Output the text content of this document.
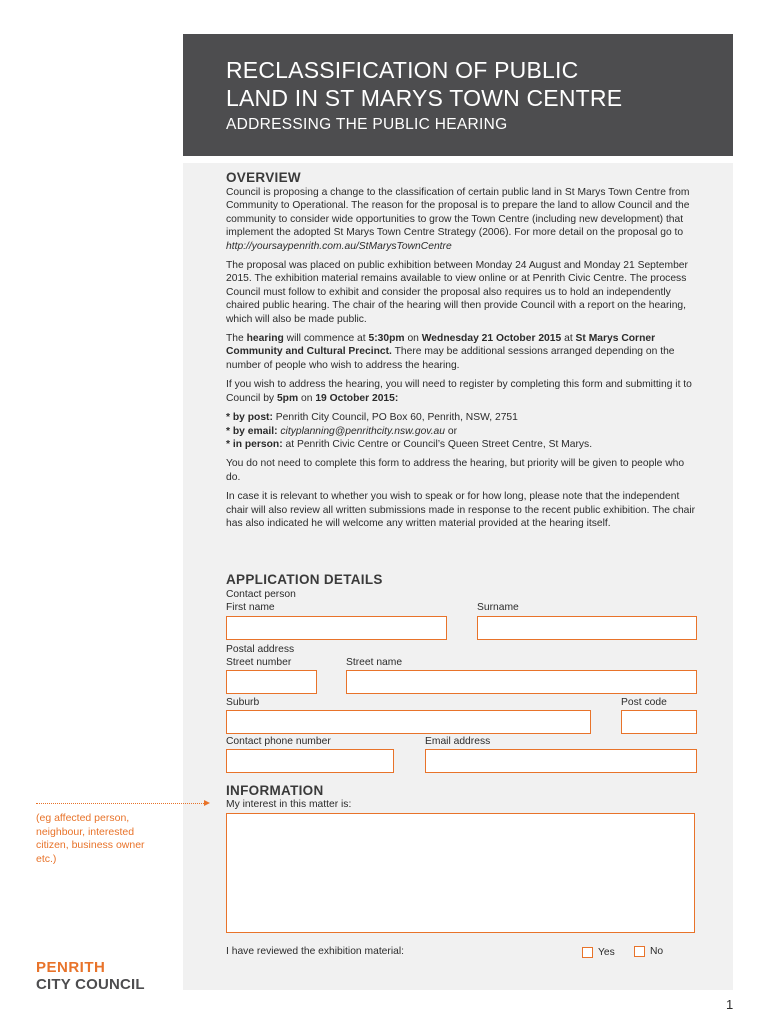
RECLASSIFICATION OF PUBLIC
LAND IN ST MARYS TOWN CENTRE
ADDRESSING THE PUBLIC HEARING
OVERVIEW

Council is proposing a change to the classification of certain public land in St Marys Town Centre from Community to Operational. The reason for the proposal is to prepare the land to allow Council and the community to consider wide opportunities to grow the Town Centre (including new development) that implement the adopted St Marys Town Centre Strategy (2006). For more detail on the proposal go to http://yoursaypenrith.com.au/StMarysTownCentre

The proposal was placed on public exhibition between Monday 24 August and Monday 21 September 2015. The exhibition material remains available to view online or at Penrith Civic Centre. The process Council must follow to exhibit and consider the proposal also requires us to hold an independently chaired public hearing. The chair of the hearing will then provide Council with a report on the hearing, which will also be made public.

The hearing will commence at 5:30pm on Wednesday 21 October 2015 at St Marys Corner Community and Cultural Precinct. There may be additional sessions arranged depending on the number of people who wish to address the hearing.

If you wish to address the hearing, you will need to register by completing this form and submitting it to Council by 5pm on 19 October 2015:

* by post: Penrith City Council, PO Box 60, Penrith, NSW, 2751
* by email: cityplanning@penrithcity.nsw.gov.au or
* in person: at Penrith Civic Centre or Council’s Queen Street Centre, St Marys.

You do not need to complete this form to address the hearing, but priority will be given to people who do.

In case it is relevant to whether you wish to speak or for how long, please note that the independent chair will also review all written submissions made in response to the recent public exhibition. The chair has also indicated he will welcome any written material provided at the hearing itself.

APPLICATION DETAILS
Contact person
First name	Surname
Postal address
Street number	Street name
Suburb	Post code
Contact phone number	Email address
INFORMATION
My interest in this matter is:
(eg affected person, neighbour, interested citizen, business owner etc.)
I have reviewed the exhibition material:	Yes	No
PENRITH
CITY COUNCIL
1
